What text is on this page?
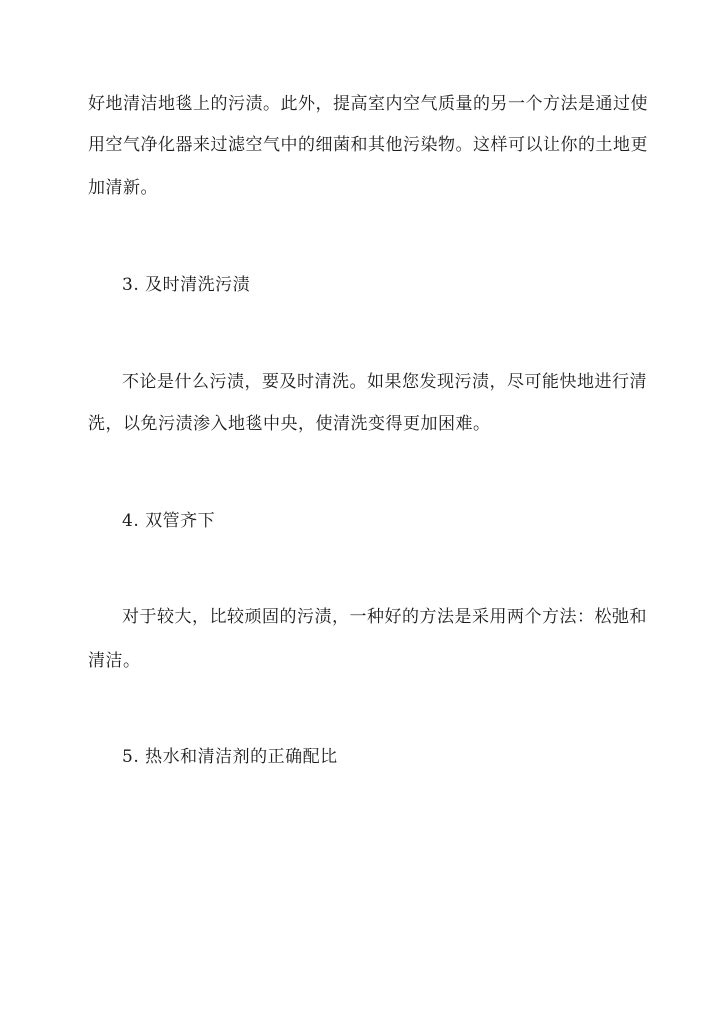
好地清洁地毯上的污渍。此外，提高室内空气质量的另一个方法是通过使
用空气净化器来过滤空气中的细菌和其他污染物。这样可以让你的土地更
加清新。
3. 及时清洗污渍
不论是什么污渍，要及时清洗。如果您发现污渍，尽可能快地进行清
洗，以免污渍渗入地毯中央，使清洗变得更加困难。
4. 双管齐下
对于较大，比较顽固的污渍，一种好的方法是采用两个方法：松弛和
清洁。
5. 热水和清洁剂的正确配比
